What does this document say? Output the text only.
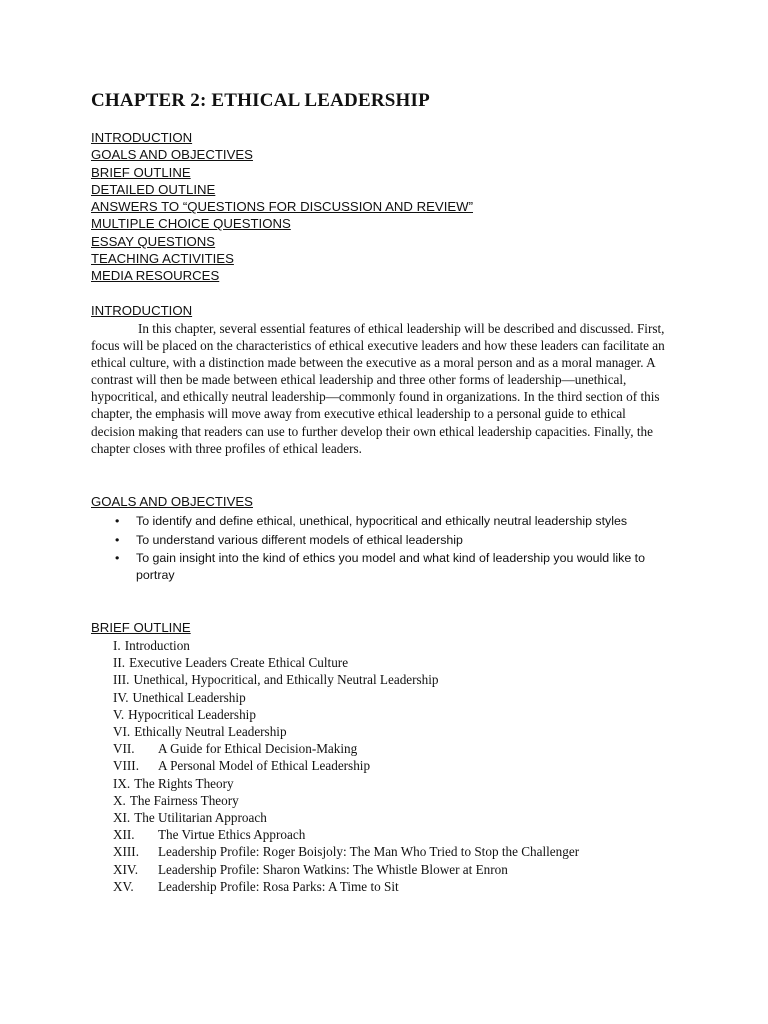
CHAPTER 2: ETHICAL LEADERSHIP
INTRODUCTION
GOALS AND OBJECTIVES
BRIEF OUTLINE
DETAILED OUTLINE
ANSWERS TO “QUESTIONS FOR DISCUSSION AND REVIEW”
MULTIPLE CHOICE QUESTIONS
ESSAY QUESTIONS
TEACHING ACTIVITIES
MEDIA RESOURCES
INTRODUCTION

In this chapter, several essential features of ethical leadership will be described and discussed. First, focus will be placed on the characteristics of ethical executive leaders and how these leaders can facilitate an ethical culture, with a distinction made between the executive as a moral person and as a moral manager. A contrast will then be made between ethical leadership and three other forms of leadership—unethical, hypocritical, and ethically neutral leadership—commonly found in organizations. In the third section of this chapter, the emphasis will move away from executive ethical leadership to a personal guide to ethical decision making that readers can use to further develop their own ethical leadership capacities. Finally, the chapter closes with three profiles of ethical leaders.

GOALS AND OBJECTIVES
• To identify and define ethical, unethical, hypocritical and ethically neutral leadership styles
• To understand various different models of ethical leadership
• To gain insight into the kind of ethics you model and what kind of leadership you would like to portray
BRIEF OUTLINE
I. Introduction
II. Executive Leaders Create Ethical Culture
III. Unethical, Hypocritical, and Ethically Neutral Leadership
IV. Unethical Leadership
V. Hypocritical Leadership
VI. Ethically Neutral Leadership
VII.	A Guide for Ethical Decision-Making
VIII.	A Personal Model of Ethical Leadership
IX. The Rights Theory
X. The Fairness Theory
XI. The Utilitarian Approach
XII.	The Virtue Ethics Approach
XIII.	Leadership Profile: Roger Boisjoly: The Man Who Tried to Stop the Challenger
XIV.	Leadership Profile: Sharon Watkins: The Whistle Blower at Enron
XV.	Leadership Profile: Rosa Parks: A Time to Sit
